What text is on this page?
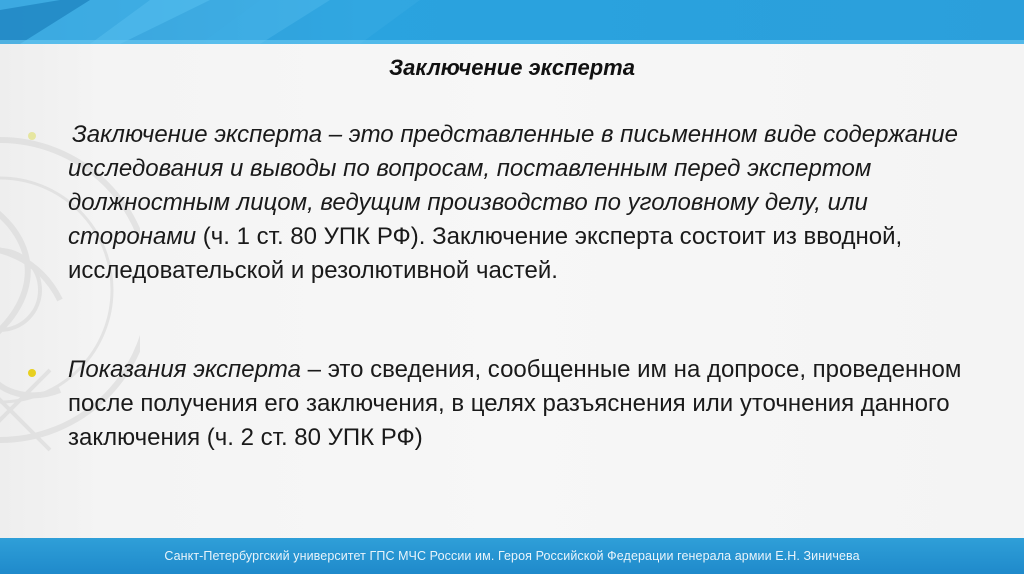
Заключение эксперта
Заключение эксперта – это представленные в письменном виде содержание исследования и выводы по вопросам, поставленным перед экспертом должностным лицом, ведущим производство по уголовному делу, или сторонами (ч. 1 ст. 80 УПК РФ). Заключение эксперта состоит из вводной, исследовательской и резолютивной частей.
Показания эксперта – это сведения, сообщенные им на допросе, проведенном после получения его заключения, в целях разъяснения или уточнения данного заключения (ч. 2 ст. 80 УПК РФ)
Санкт-Петербургский университет ГПС МЧС России им. Героя Российской Федерации генерала армии Е.Н. Зиничева
